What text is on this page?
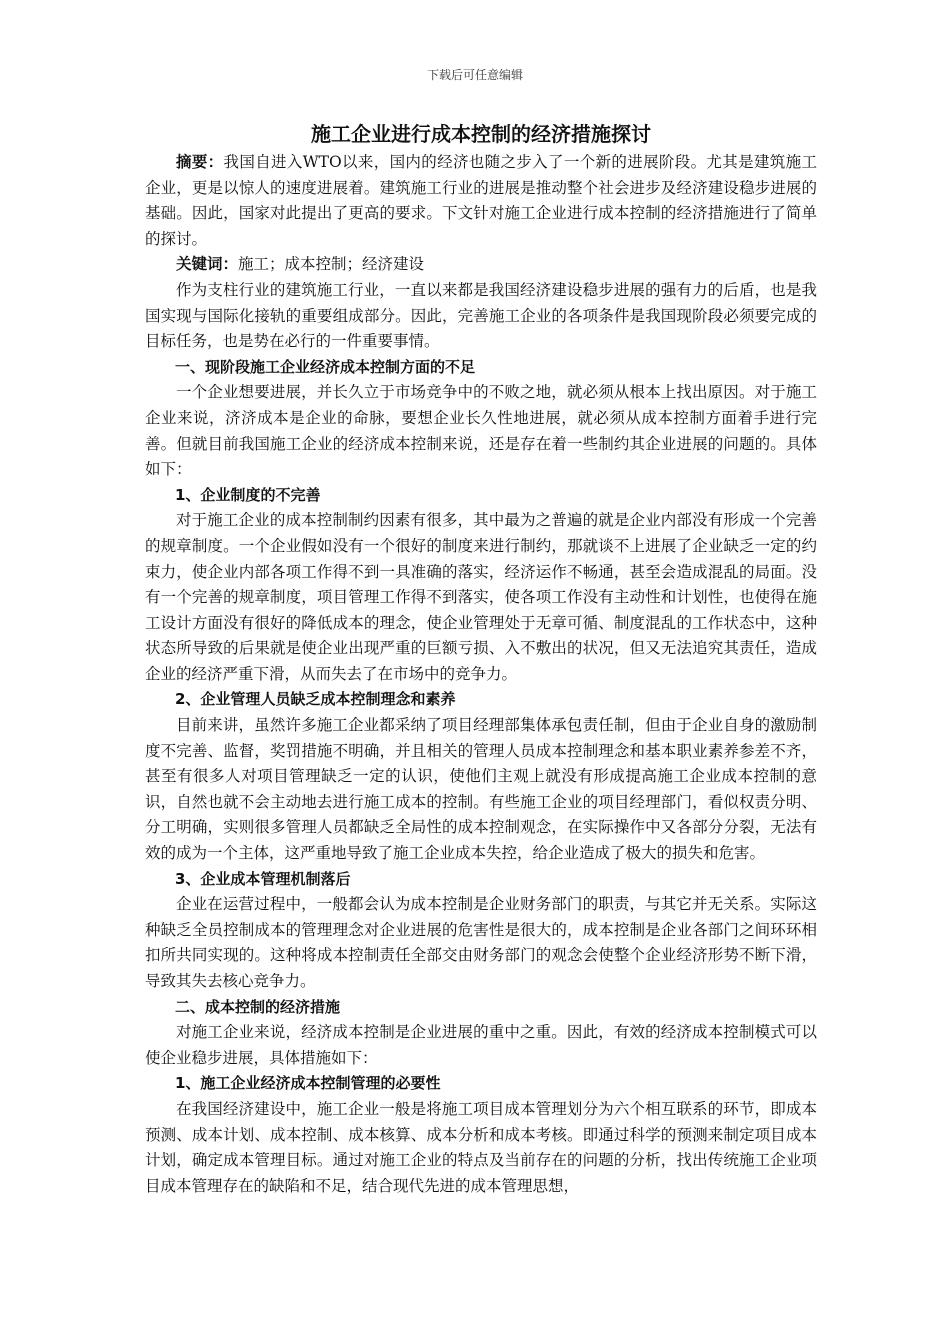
下载后可任意编辑
施工企业进行成本控制的经济措施探讨

摘要：我国自进入WTO以来，国内的经济也随之步入了一个新的进展阶段。尤其是建筑施工企业，更是以惊人的速度进展着。建筑施工行业的进展是推动整个社会进步及经济建设稳步进展的基础。因此，国家对此提出了更高的要求。下文针对施工企业进行成本控制的经济措施进行了简单的探讨。

关键词：施工；成本控制；经济建设

作为支柱行业的建筑施工行业，一直以来都是我国经济建设稳步进展的强有力的后盾，也是我国实现与国际化接轨的重要组成部分。因此，完善施工企业的各项条件是我国现阶段必须要完成的目标任务，也是势在必行的一件重要事情。

一、现阶段施工企业经济成本控制方面的不足

一个企业想要进展，并长久立于市场竞争中的不败之地，就必须从根本上找出原因。对于施工企业来说，济济成本是企业的命脉，要想企业长久性地进展，就必须从成本控制方面着手进行完善。但就目前我国施工企业的经济成本控制来说，还是存在着一些制约其企业进展的问题的。具体如下：

1、企业制度的不完善

对于施工企业的成本控制制约因素有很多，其中最为之普遍的就是企业内部没有形成一个完善的规章制度。一个企业假如没有一个很好的制度来进行制约，那就谈不上进展了企业缺乏一定的约束力，使企业内部各项工作得不到一具准确的落实，经济运作不畅通，甚至会造成混乱的局面。没有一个完善的规章制度，项目管理工作得不到落实，使各项工作没有主动性和计划性，也使得在施工设计方面没有很好的降低成本的理念，使企业管理处于无章可循、制度混乱的工作状态中，这种状态所导致的后果就是使企业出现严重的巨额亏损、入不敷出的状况，但又无法追究其责任，造成企业的经济严重下滑，从而失去了在市场中的竞争力。

2、企业管理人员缺乏成本控制理念和素养

目前来讲，虽然许多施工企业都采纳了项目经理部集体承包责任制，但由于企业自身的激励制度不完善、监督，奖罚措施不明确，并且相关的管理人员成本控制理念和基本职业素养参差不齐，甚至有很多人对项目管理缺乏一定的认识，使他们主观上就没有形成提高施工企业成本控制的意识，自然也就不会主动地去进行施工成本的控制。有些施工企业的项目经理部门，看似权责分明、分工明确，实则很多管理人员都缺乏全局性的成本控制观念，在实际操作中又各部分分裂，无法有效的成为一个主体，这严重地导致了施工企业成本失控，给企业造成了极大的损失和危害。

3、企业成本管理机制落后

企业在运营过程中，一般都会认为成本控制是企业财务部门的职责，与其它并无关系。实际这种缺乏全员控制成本的管理理念对企业进展的危害性是很大的，成本控制是企业各部门之间环环相扣所共同实现的。这种将成本控制责任全部交由财务部门的观念会使整个企业经济形势不断下滑，导致其失去核心竞争力。

二、成本控制的经济措施

对施工企业来说，经济成本控制是企业进展的重中之重。因此，有效的经济成本控制模式可以使企业稳步进展，具体措施如下：

1、施工企业经济成本控制管理的必要性

在我国经济建设中，施工企业一般是将施工项目成本管理划分为六个相互联系的环节，即成本预测、成本计划、成本控制、成本核算、成本分析和成本考核。即通过科学的预测来制定项目成本计划，确定成本管理目标。通过对施工企业的特点及当前存在的问题的分析，找出传统施工企业项目成本管理存在的缺陷和不足，结合现代先进的成本管理思想，
